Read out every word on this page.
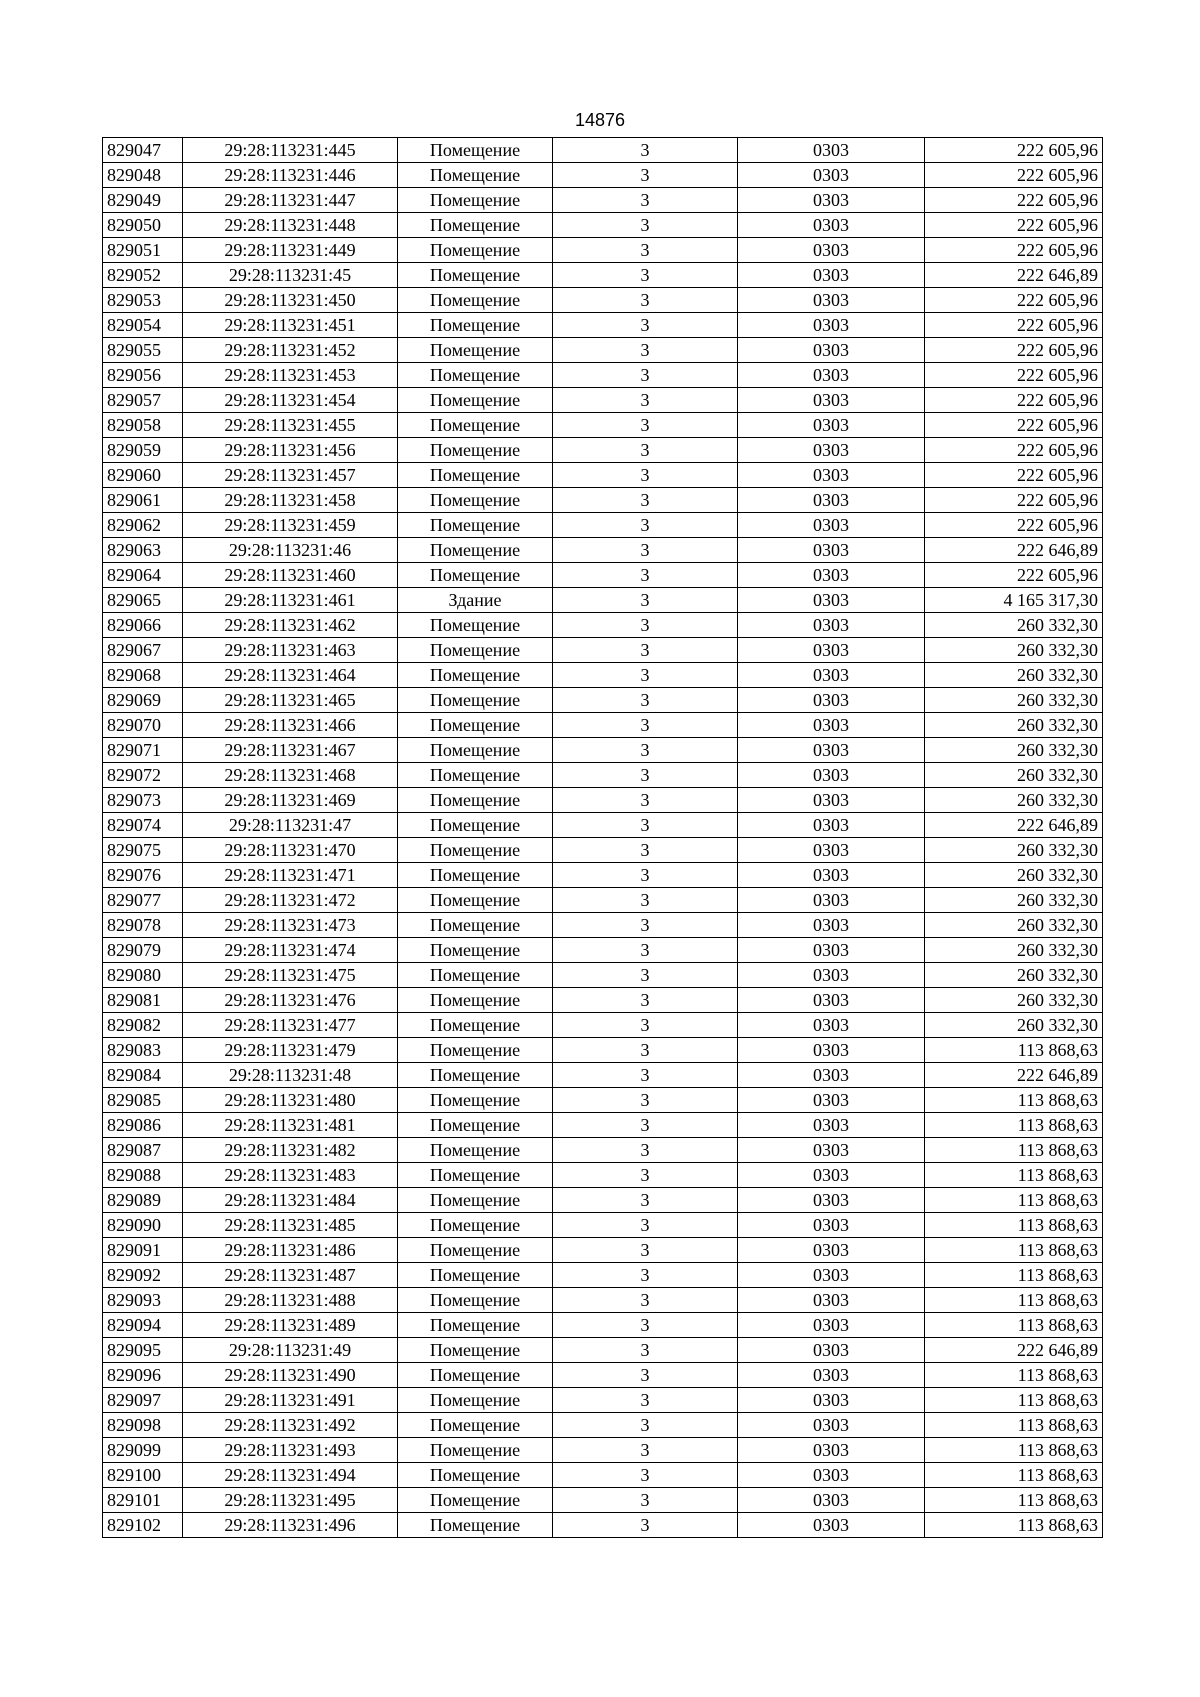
14876
829047	29:28:113231:445	Помещение	3	0303	222 605,96
829048	29:28:113231:446	Помещение	3	0303	222 605,96
829049	29:28:113231:447	Помещение	3	0303	222 605,96
829050	29:28:113231:448	Помещение	3	0303	222 605,96
829051	29:28:113231:449	Помещение	3	0303	222 605,96
829052	29:28:113231:45	Помещение	3	0303	222 646,89
829053	29:28:113231:450	Помещение	3	0303	222 605,96
829054	29:28:113231:451	Помещение	3	0303	222 605,96
829055	29:28:113231:452	Помещение	3	0303	222 605,96
829056	29:28:113231:453	Помещение	3	0303	222 605,96
829057	29:28:113231:454	Помещение	3	0303	222 605,96
829058	29:28:113231:455	Помещение	3	0303	222 605,96
829059	29:28:113231:456	Помещение	3	0303	222 605,96
829060	29:28:113231:457	Помещение	3	0303	222 605,96
829061	29:28:113231:458	Помещение	3	0303	222 605,96
829062	29:28:113231:459	Помещение	3	0303	222 605,96
829063	29:28:113231:46	Помещение	3	0303	222 646,89
829064	29:28:113231:460	Помещение	3	0303	222 605,96
829065	29:28:113231:461	Здание	3	0303	4 165 317,30
829066	29:28:113231:462	Помещение	3	0303	260 332,30
829067	29:28:113231:463	Помещение	3	0303	260 332,30
829068	29:28:113231:464	Помещение	3	0303	260 332,30
829069	29:28:113231:465	Помещение	3	0303	260 332,30
829070	29:28:113231:466	Помещение	3	0303	260 332,30
829071	29:28:113231:467	Помещение	3	0303	260 332,30
829072	29:28:113231:468	Помещение	3	0303	260 332,30
829073	29:28:113231:469	Помещение	3	0303	260 332,30
829074	29:28:113231:47	Помещение	3	0303	222 646,89
829075	29:28:113231:470	Помещение	3	0303	260 332,30
829076	29:28:113231:471	Помещение	3	0303	260 332,30
829077	29:28:113231:472	Помещение	3	0303	260 332,30
829078	29:28:113231:473	Помещение	3	0303	260 332,30
829079	29:28:113231:474	Помещение	3	0303	260 332,30
829080	29:28:113231:475	Помещение	3	0303	260 332,30
829081	29:28:113231:476	Помещение	3	0303	260 332,30
829082	29:28:113231:477	Помещение	3	0303	260 332,30
829083	29:28:113231:479	Помещение	3	0303	113 868,63
829084	29:28:113231:48	Помещение	3	0303	222 646,89
829085	29:28:113231:480	Помещение	3	0303	113 868,63
829086	29:28:113231:481	Помещение	3	0303	113 868,63
829087	29:28:113231:482	Помещение	3	0303	113 868,63
829088	29:28:113231:483	Помещение	3	0303	113 868,63
829089	29:28:113231:484	Помещение	3	0303	113 868,63
829090	29:28:113231:485	Помещение	3	0303	113 868,63
829091	29:28:113231:486	Помещение	3	0303	113 868,63
829092	29:28:113231:487	Помещение	3	0303	113 868,63
829093	29:28:113231:488	Помещение	3	0303	113 868,63
829094	29:28:113231:489	Помещение	3	0303	113 868,63
829095	29:28:113231:49	Помещение	3	0303	222 646,89
829096	29:28:113231:490	Помещение	3	0303	113 868,63
829097	29:28:113231:491	Помещение	3	0303	113 868,63
829098	29:28:113231:492	Помещение	3	0303	113 868,63
829099	29:28:113231:493	Помещение	3	0303	113 868,63
829100	29:28:113231:494	Помещение	3	0303	113 868,63
829101	29:28:113231:495	Помещение	3	0303	113 868,63
829102	29:28:113231:496	Помещение	3	0303	113 868,63
